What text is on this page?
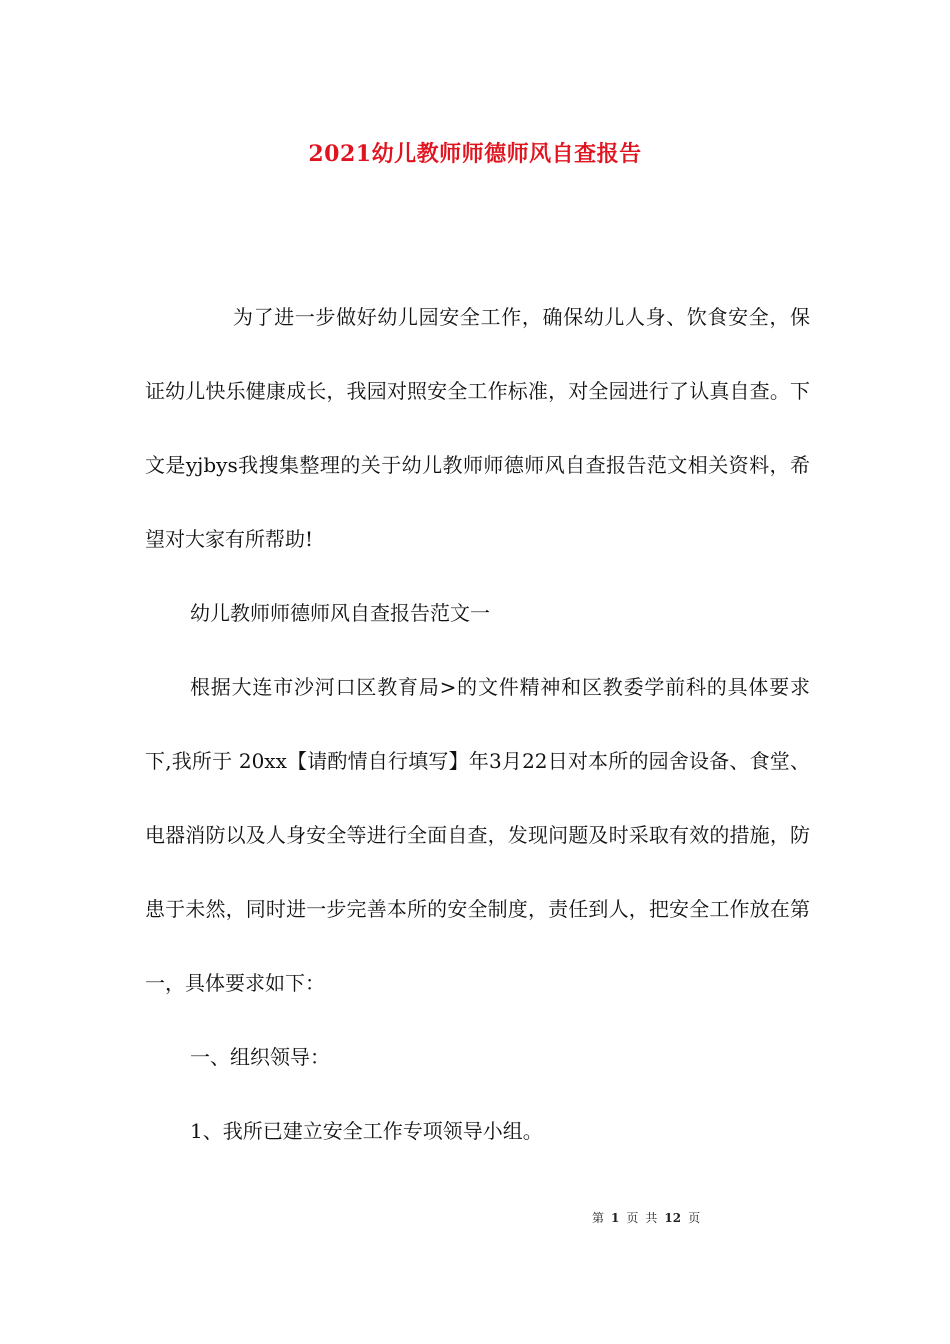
2021幼儿教师师德师风自查报告

为了进一步做好幼儿园安全工作，确保幼儿人身、饮食安全，保证幼儿快乐健康成长，我园对照安全工作标准，对全园进行了认真自查。下文是yjbys我搜集整理的关于幼儿教师师德师风自查报告范文相关资料，希望对大家有所帮助!

幼儿教师师德师风自查报告范文一

根据大连市沙河口区教育局>的文件精神和区教委学前科的具体要求下,我所于 20xx【请酌情自行填写】年3月22日对本所的园舍设备、食堂、电器消防以及人身安全等进行全面自查，发现问题及时采取有效的措施，防患于未然，同时进一步完善本所的安全制度，责任到人，把安全工作放在第一，具体要求如下：

一、组织领导：

1、我所已建立安全工作专项领导小组。

第 1 页 共 12 页
